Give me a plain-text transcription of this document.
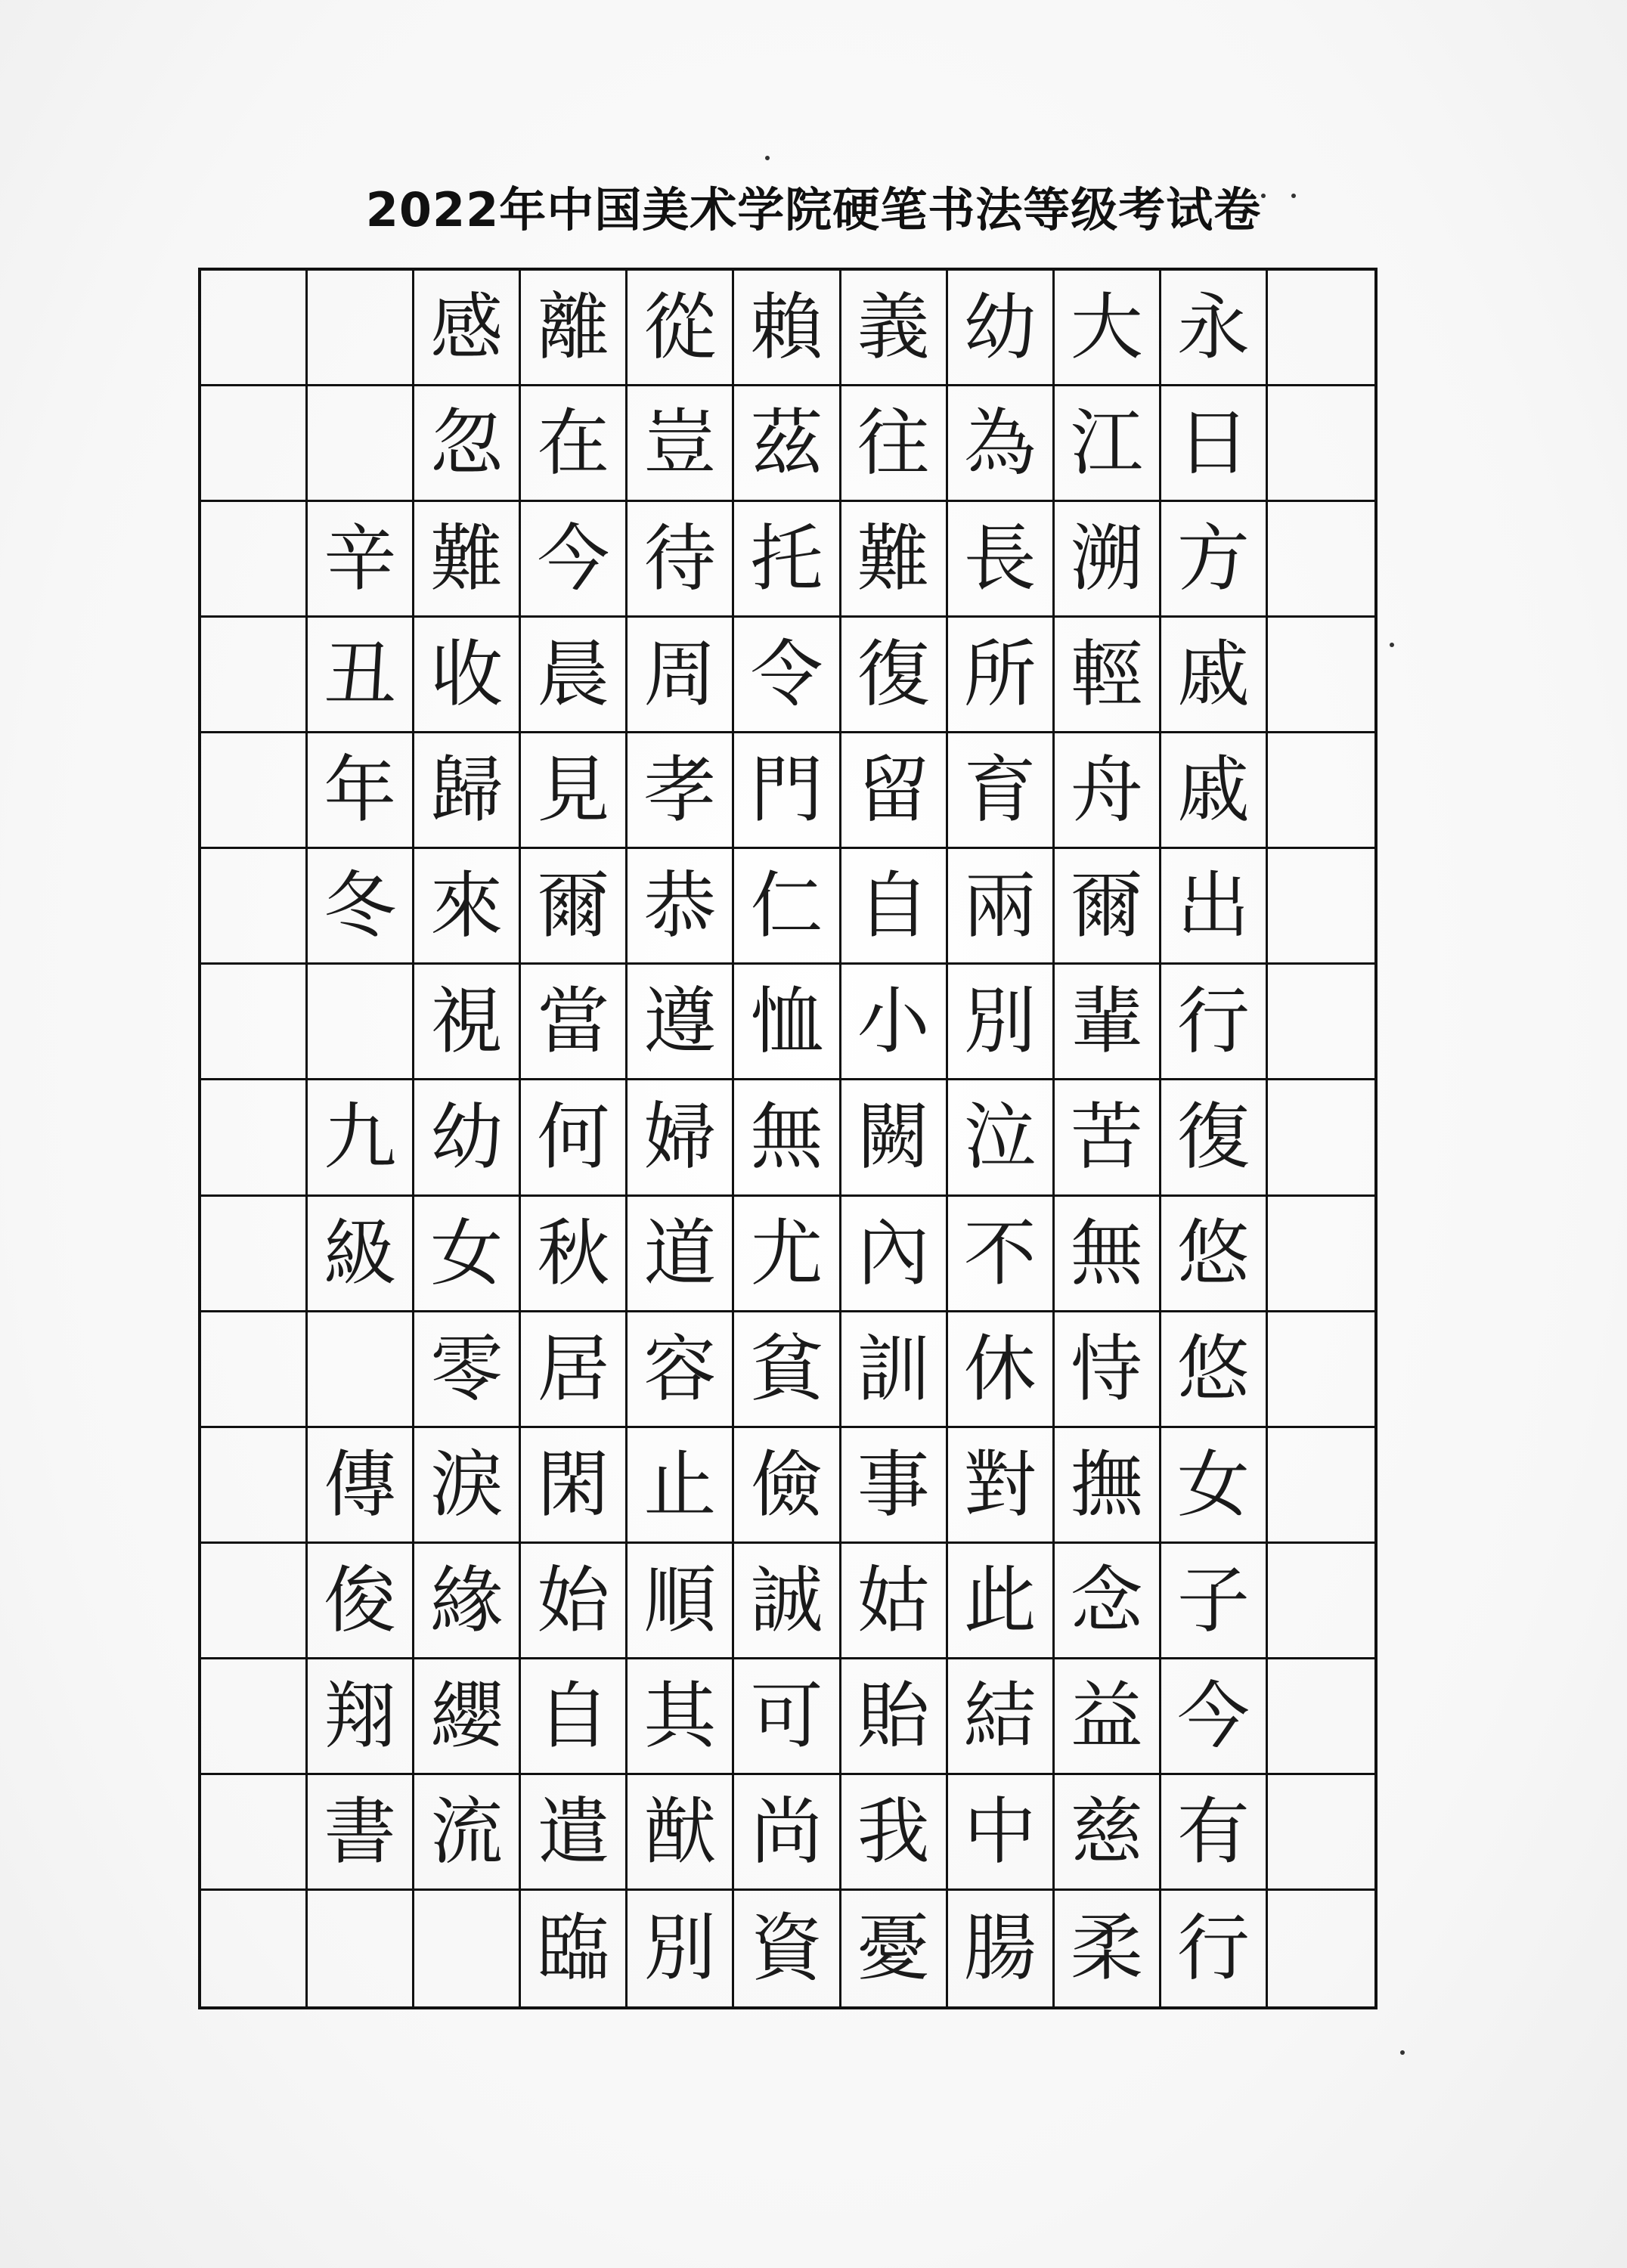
2022年中国美术学院硬笔书法等级考试卷
感 離 從 賴 義 幼 大 永
忽 在 豈 茲 往 為 江 日
辛 難 今 待 托 難 長 溯 方
丑 收 晨 周 令 復 所 輕 戚
年 歸 見 孝 門 留 育 舟 戚
冬 來 爾 恭 仁 自 兩 爾 出
視 當 遵 恤 小 別 輩 行
九 幼 何 婦 無 闕 泣 苦 復
級 女 秋 道 尤 內 不 無 悠
零 居 容 貧 訓 休 恃 悠
傳 淚 閑 止 儉 事 對 撫 女
俊 緣 始 順 誠 姑 此 念 子
翔 纓 自 其 可 貽 結 益 今
書 流 遣 猷 尚 我 中 慈 有
臨 別 資 憂 腸 柔 行
